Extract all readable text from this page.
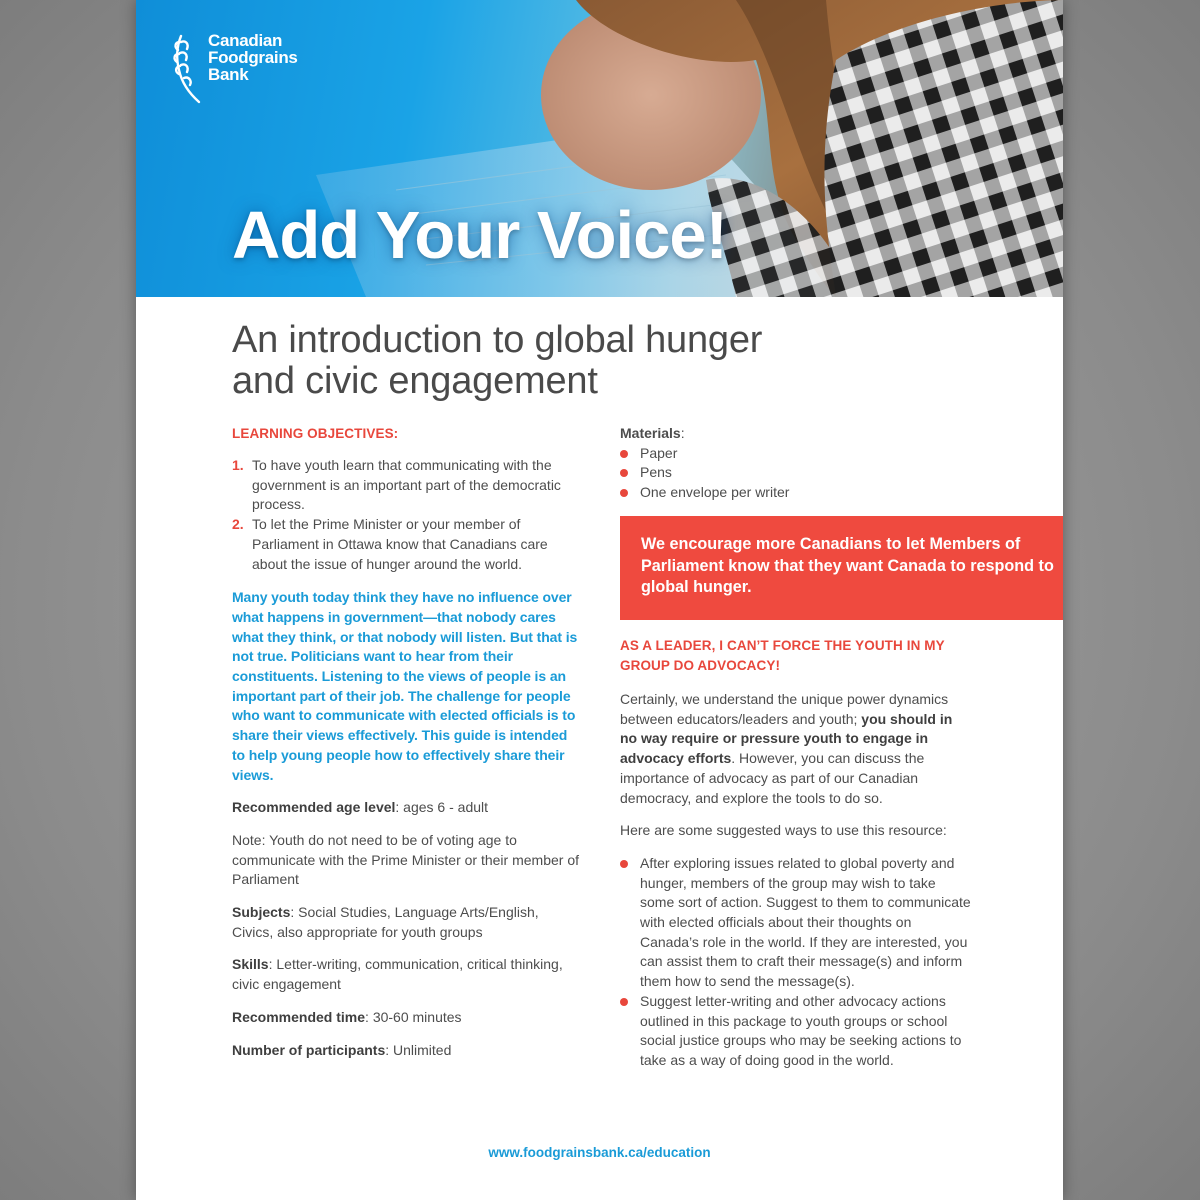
Canadian
Foodgrains
Bank
Add Your Voice!
An introduction to global hunger
and civic engagement
LEARNING OBJECTIVES:
1. To have youth learn that communicating with the government is an important part of the democratic process.
2. To let the Prime Minister or your member of Parliament in Ottawa know that Canadians care about the issue of hunger around the world.
Many youth today think they have no influence over what happens in government—that nobody cares what they think, or that nobody will listen. But that is not true. Politicians want to hear from their constituents. Listening to the views of people is an important part of their job. The challenge for people who want to communicate with elected officials is to share their views effectively. This guide is intended to help young people how to effectively share their views.
Recommended age level: ages 6 - adult
Note: Youth do not need to be of voting age to communicate with the Prime Minister or their member of Parliament
Subjects: Social Studies, Language Arts/English, Civics, also appropriate for youth groups
Skills: Letter-writing, communication, critical thinking, civic engagement
Recommended time: 30-60 minutes
Number of participants: Unlimited
Materials:
Paper
Pens
One envelope per writer
We encourage more Canadians to let Members of Parliament know that they want Canada to respond to global hunger.
AS A LEADER, I CAN’T FORCE THE YOUTH IN MY
GROUP DO ADVOCACY!

Certainly, we understand the unique power dynamics between educators/leaders and youth; you should in no way require or pressure youth to engage in advocacy efforts. However, you can discuss the importance of advocacy as part of our Canadian democracy, and explore the tools to do so.

Here are some suggested ways to use this resource:

After exploring issues related to global poverty and hunger, members of the group may wish to take some sort of action. Suggest to them to communicate with elected officials about their thoughts on Canada’s role in the world. If they are interested, you can assist them to craft their message(s) and inform them how to send the message(s).
Suggest letter-writing and other advocacy actions outlined in this package to youth groups or school social justice groups who may be seeking actions to take as a way of doing good in the world.
www.foodgrainsbank.ca/education
